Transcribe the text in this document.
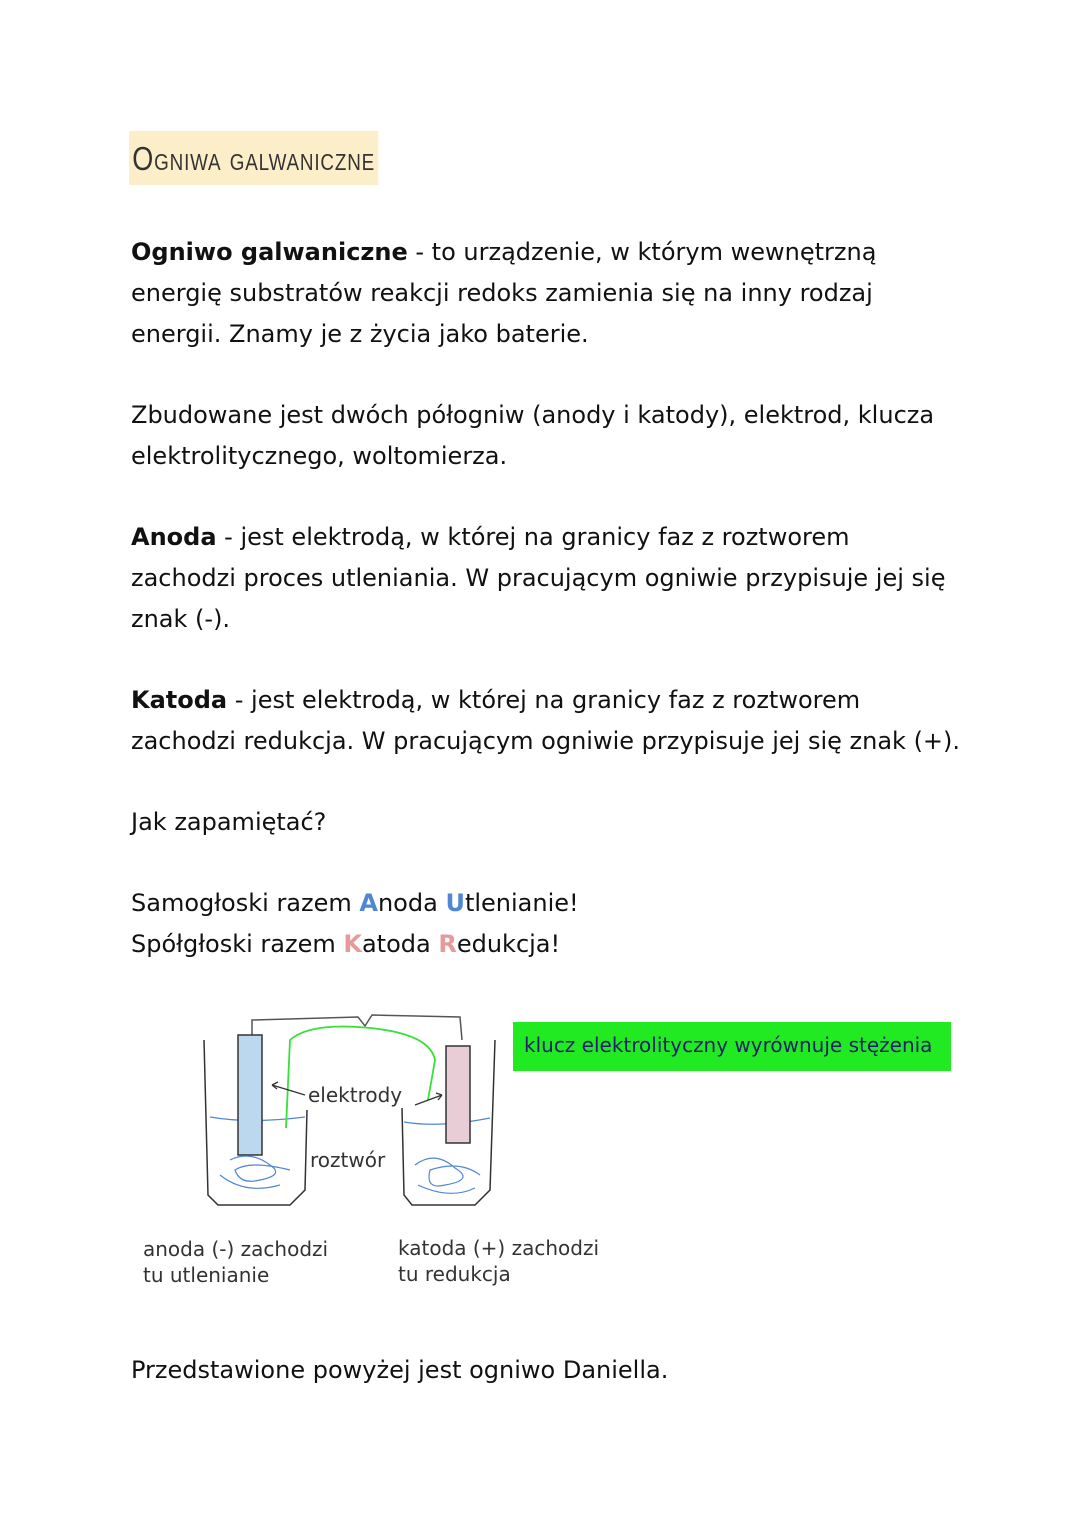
Ogniwa galwaniczne

Ogniwo galwaniczne - to urządzenie, w którym wewnętrzną energię substratów reakcji redoks zamienia się na inny rodzaj energii. Znamy je z życia jako baterie.

Zbudowane jest dwóch półogniw (anody i katody), elektrod, klucza elektrolitycznego, woltomierza.

Anoda - jest elektrodą, w której na granicy faz z roztworem zachodzi proces utleniania. W pracującym ogniwie przypisuje jej się znak (-).

Katoda - jest elektrodą, w której na granicy faz z roztworem zachodzi redukcja. W pracującym ogniwie przypisuje jej się znak (+).

Jak zapamiętać?

Samogłoski razem Anoda Utlenianie!

Spółgłoski razem Katoda Redukcja!

elektrody
roztwór
klucz elektrolityczny wyrównuje stężenia
anoda (-) zachodzi
tu utlenianie
katoda (+) zachodzi
tu redukcja

Przedstawione powyżej jest ogniwo Daniella.
